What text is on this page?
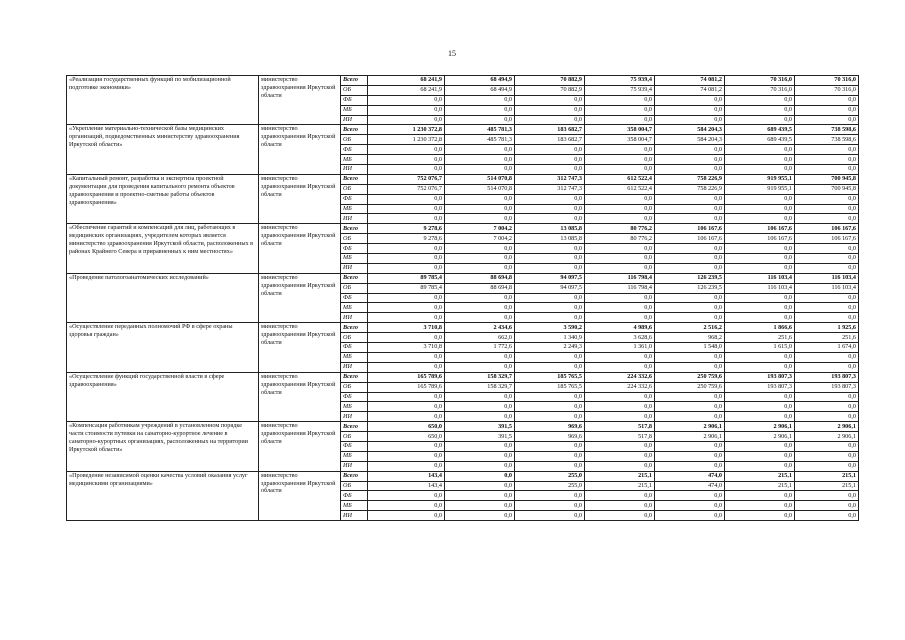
15
«Реализация государственных функций по мобилизационной подготовке экономики»	министерство здравоохранения Иркутской области	Всего	68 241,9	68 494,9	70 882,9	75 939,4	74 081,2	70 316,0	70 316,0
		ОБ	68 241,9	68 494,9	70 882,9	75 939,4	74 081,2	70 316,0	70 316,0
		ФБ	0,0	0,0	0,0	0,0	0,0	0,0	0,0
		МБ	0,0	0,0	0,0	0,0	0,0	0,0	0,0
		ИИ	0,0	0,0	0,0	0,0	0,0	0,0	0,0
«Укрепление материально-технической базы медицинских организаций, подведомственных министерству здравоохранения Иркутской области»	министерство здравоохранения Иркутской области	Всего	1 230 372,8	485 781,3	183 682,7	358 004,7	584 204,3	689 439,5	738 598,6
		ОБ	1 230 372,8	485 781,3	183 682,7	358 004,7	584 204,3	689 439,5	738 598,6
		ФБ	0,0	0,0	0,0	0,0	0,0	0,0	0,0
		МБ	0,0	0,0	0,0	0,0	0,0	0,0	0,0
		ИИ	0,0	0,0	0,0	0,0	0,0	0,0	0,0
«Капитальный ремонт, разработка и экспертиза проектной документации для проведения капитального ремонта объектов здравоохранения и проектно-сметные работы объектов здравоохранения»	министерство здравоохранения Иркутской области	Всего	752 076,7	514 070,8	312 747,3	612 522,4	758 226,9	919 955,1	700 945,8
		ОБ	752 076,7	514 070,8	312 747,3	612 522,4	758 226,9	919 955,1	700 945,8
		ФБ	0,0	0,0	0,0	0,0	0,0	0,0	0,0
		МБ	0,0	0,0	0,0	0,0	0,0	0,0	0,0
		ИИ	0,0	0,0	0,0	0,0	0,0	0,0	0,0
«Обеспечение гарантий и компенсаций для лиц, работающих в медицинских организациях, учредителем которых является министерство здравоохранения Иркутской области, расположенных в районах Крайнего Севера и приравненных к ним местностях»	министерство здравоохранения Иркутской области	Всего	9 278,6	7 004,2	13 085,8	80 776,2	106 167,6	106 167,6	106 167,6
		ОБ	9 278,6	7 004,2	13 085,8	80 776,2	106 167,6	106 167,6	106 167,6
		ФБ	0,0	0,0	0,0	0,0	0,0	0,0	0,0
		МБ	0,0	0,0	0,0	0,0	0,0	0,0	0,0
		ИИ	0,0	0,0	0,0	0,0	0,0	0,0	0,0
«Проведение патологоанатомических исследований»	министерство здравоохранения Иркутской области	Всего	89 785,4	88 694,8	94 097,5	116 798,4	126 239,5	116 103,4	116 103,4
		ОБ	89 785,4	88 694,8	94 097,5	116 798,4	126 239,5	116 103,4	116 103,4
		ФБ	0,0	0,0	0,0	0,0	0,0	0,0	0,0
		МБ	0,0	0,0	0,0	0,0	0,0	0,0	0,0
		ИИ	0,0	0,0	0,0	0,0	0,0	0,0	0,0
«Осуществление переданных полномочий РФ в сфере охраны здоровья граждан»	министерство здравоохранения Иркутской области	Всего	3 710,8	2 434,6	3 590,2	4 989,6	2 516,2	1 866,6	1 925,6
		ОБ	0,0	662,0	1 340,9	3 628,6	968,2	251,6	251,6
		ФБ	3 710,8	1 772,6	2 249,3	1 361,0	1 548,0	1 615,0	1 674,0
		МБ	0,0	0,0	0,0	0,0	0,0	0,0	0,0
		ИИ	0,0	0,0	0,0	0,0	0,0	0,0	0,0
«Осуществление функций государственной власти в сфере здравоохранения»	министерство здравоохранения Иркутской области	Всего	165 789,6	158 329,7	185 765,5	224 332,6	250 759,6	193 807,3	193 807,3
		ОБ	165 789,6	158 329,7	185 765,5	224 332,6	250 759,6	193 807,3	193 807,3
		ФБ	0,0	0,0	0,0	0,0	0,0	0,0	0,0
		МБ	0,0	0,0	0,0	0,0	0,0	0,0	0,0
		ИИ	0,0	0,0	0,0	0,0	0,0	0,0	0,0
«Компенсация работникам учреждений в установленном порядке части стоимости путевки на санаторно-курортное лечение в санаторно-курортных организациях, расположенных на территории Иркутской области»	министерство здравоохранения Иркутской области	Всего	650,0	391,5	969,6	517,8	2 906,1	2 906,1	2 906,1
		ОБ	650,0	391,5	969,6	517,8	2 906,1	2 906,1	2 906,1
		ФБ	0,0	0,0	0,0	0,0	0,0	0,0	0,0
		МБ	0,0	0,0	0,0	0,0	0,0	0,0	0,0
		ИИ	0,0	0,0	0,0	0,0	0,0	0,0	0,0
«Проведение независимой оценки качества условий оказания услуг медицинскими организациями»	министерство здравоохранения Иркутской области	Всего	143,4	0,0	255,0	215,1	474,0	215,1	215,1
		ОБ	143,4	0,0	255,0	215,1	474,0	215,1	215,1
		ФБ	0,0	0,0	0,0	0,0	0,0	0,0	0,0
		МБ	0,0	0,0	0,0	0,0	0,0	0,0	0,0
		ИИ	0,0	0,0	0,0	0,0	0,0	0,0	0,0
